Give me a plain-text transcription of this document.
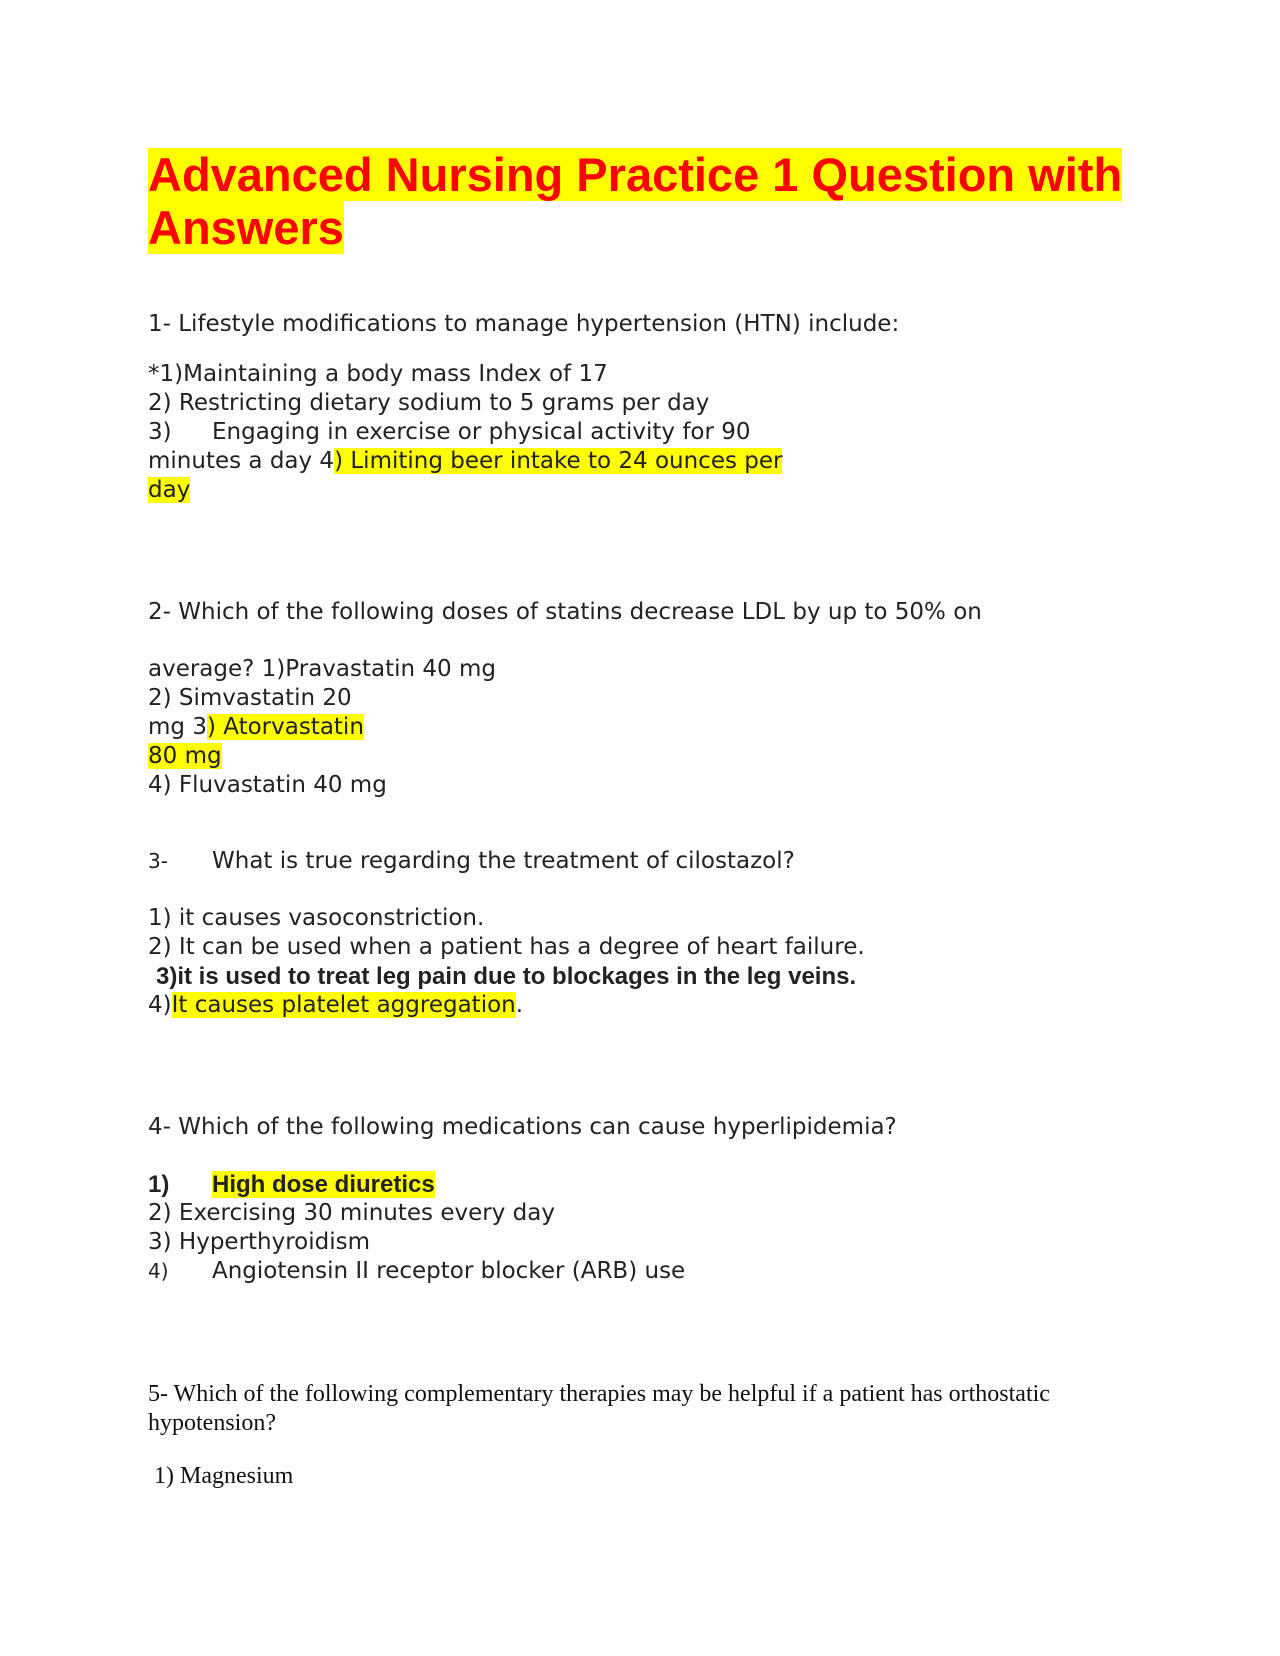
Advanced Nursing Practice 1 Question with
Answers
1- Lifestyle modifications to manage hypertension (HTN) include:
*1)Maintaining a body mass Index of 17
2) Restricting dietary sodium to 5 grams per day
3) Engaging in exercise or physical activity for 90
minutes a day 4) Limiting beer intake to 24 ounces per
day
2- Which of the following doses of statins decrease LDL by up to 50% on
average? 1)Pravastatin 40 mg
2) Simvastatin 20
mg 3) Atorvastatin
80 mg
4) Fluvastatin 40 mg
3- What is true regarding the treatment of cilostazol?
1) it causes vasoconstriction.
2) It can be used when a patient has a degree of heart failure.
3)it is used to treat leg pain due to blockages in the leg veins.
4)It causes platelet aggregation.
4- Which of the following medications can cause hyperlipidemia?
1) High dose diuretics
2) Exercising 30 minutes every day
3) Hyperthyroidism
4) Angiotensin II receptor blocker (ARB) use
5- Which of the following complementary therapies may be helpful if a patient has orthostatic
hypotension?
1) Magnesium
